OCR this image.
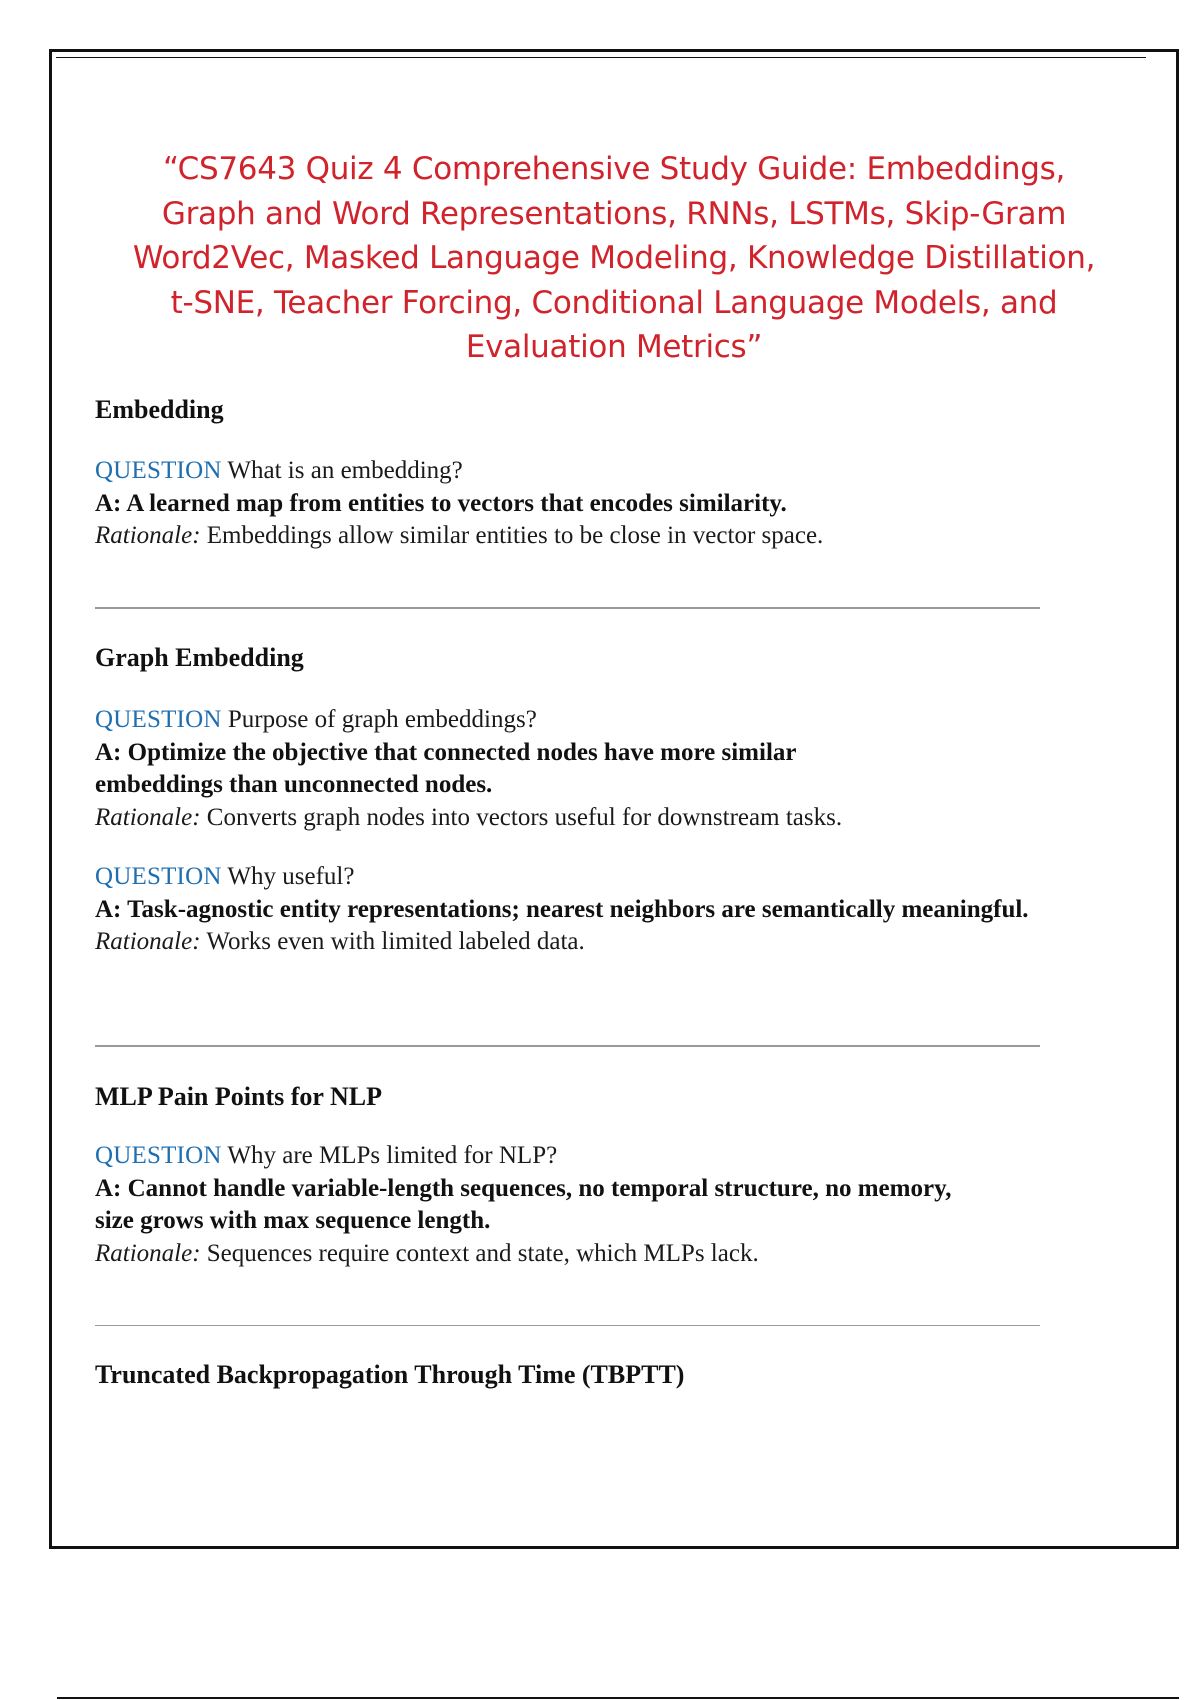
“CS7643 Quiz 4 Comprehensive Study Guide: Embeddings,
Graph and Word Representations, RNNs, LSTMs, Skip-Gram
Word2Vec, Masked Language Modeling, Knowledge Distillation,
t-SNE, Teacher Forcing, Conditional Language Models, and
Evaluation Metrics”
Embedding
QUESTION What is an embedding?
A: A learned map from entities to vectors that encodes similarity.
Rationale: Embeddings allow similar entities to be close in vector space.
Graph Embedding
QUESTION Purpose of graph embeddings?
A: Optimize the objective that connected nodes have more similar embeddings than unconnected nodes.
Rationale: Converts graph nodes into vectors useful for downstream tasks.
QUESTION Why useful?
A: Task-agnostic entity representations; nearest neighbors are semantically meaningful.
Rationale: Works even with limited labeled data.
MLP Pain Points for NLP
QUESTION Why are MLPs limited for NLP?
A: Cannot handle variable-length sequences, no temporal structure, no memory, size grows with max sequence length.
Rationale: Sequences require context and state, which MLPs lack.
Truncated Backpropagation Through Time (TBPTT)
